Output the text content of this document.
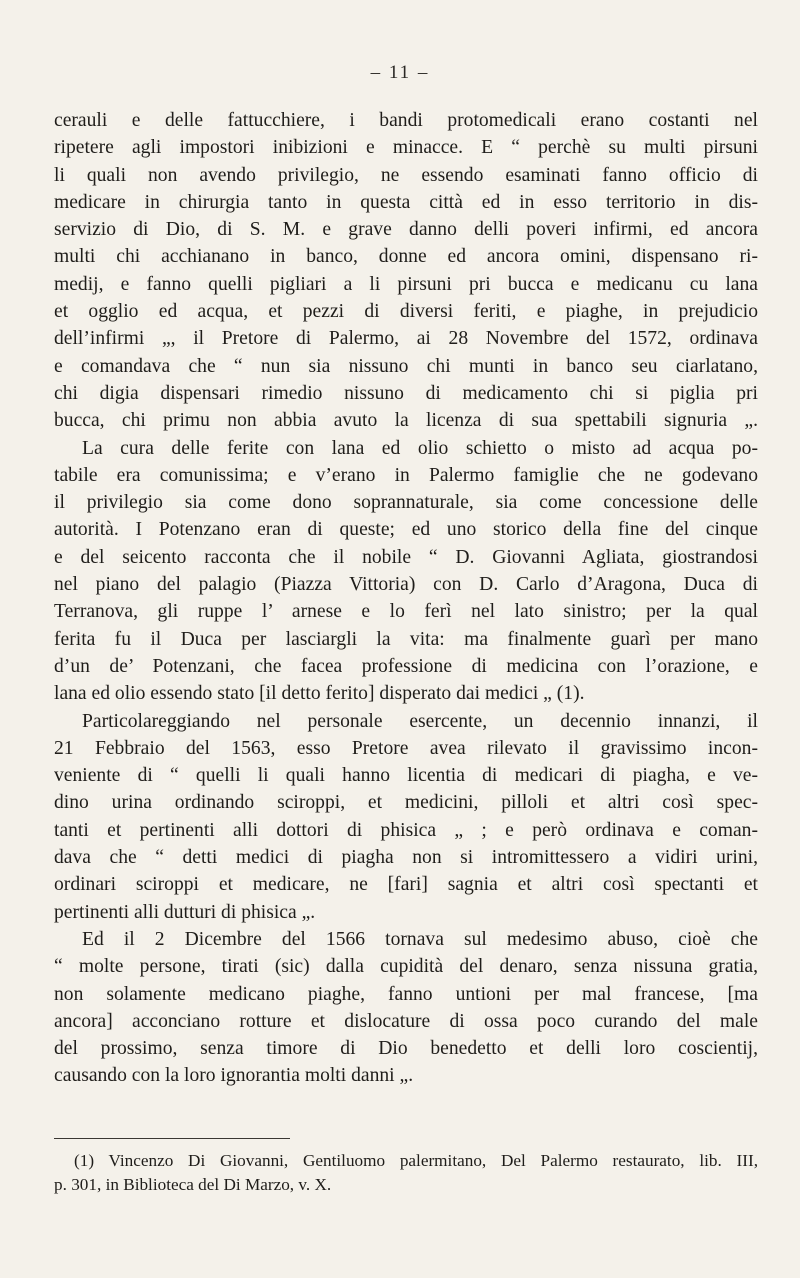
– 11 –
cerauli e delle fattucchiere, i bandi protomedicali erano costanti nel
ripetere agli impostori inibizioni e minacce. E “ perchè su multi pirsuni
li quali non avendo privilegio, ne essendo esaminati fanno officio di
medicare in chirurgia tanto in questa città ed in esso territorio in dis-
servizio di Dio, di S. M. e grave danno delli poveri infirmi, ed ancora
multi chi acchianano in banco, donne ed ancora omini, dispensano ri-
medij, e fanno quelli pigliari a li pirsuni pri bucca e medicanu cu lana
et ogglio ed acqua, et pezzi di diversi feriti, e piaghe, in prejudicio
dell’infirmi „, il Pretore di Palermo, ai 28 Novembre del 1572, ordinava
e comandava che “ nun sia nissuno chi munti in banco seu ciarlatano,
chi digia dispensari rimedio nissuno di medicamento chi si piglia pri
bucca, chi primu non abbia avuto la licenza di sua spettabili signuria „.
La cura delle ferite con lana ed olio schietto o misto ad acqua po-
tabile era comunissima; e v’erano in Palermo famiglie che ne godevano
il privilegio sia come dono soprannaturale, sia come concessione delle
autorità. I Potenzano eran di queste; ed uno storico della fine del cinque
e del seicento racconta che il nobile “ D. Giovanni Agliata, giostrandosi
nel piano del palagio (Piazza Vittoria) con D. Carlo d’Aragona, Duca di
Terranova, gli ruppe l’ arnese e lo ferì nel lato sinistro; per la qual
ferita fu il Duca per lasciargli la vita: ma finalmente guarì per mano
d’un de’ Potenzani, che facea professione di medicina con l’orazione, e
lana ed olio essendo stato [il detto ferito] disperato dai medici „ (1).
Particolareggiando nel personale esercente, un decennio innanzi, il
21 Febbraio del 1563, esso Pretore avea rilevato il gravissimo incon-
veniente di “ quelli li quali hanno licentia di medicari di piagha, e ve-
dino urina ordinando sciroppi, et medicini, pilloli et altri così spec-
tanti et pertinenti alli dottori di phisica „ ; e però ordinava e coman-
dava che “ detti medici di piagha non si intromittessero a vidiri urini,
ordinari sciroppi et medicare, ne [fari] sagnia et altri così spectanti et
pertinenti alli dutturi di phisica „.
Ed il 2 Dicembre del 1566 tornava sul medesimo abuso, cioè che
“ molte persone, tirati (sic) dalla cupidità del denaro, senza nissuna gratia,
non solamente medicano piaghe, fanno untioni per mal francese, [ma
ancora] acconciano rotture et dislocature di ossa poco curando del male
del prossimo, senza timore di Dio benedetto et delli loro coscientij,
causando con la loro ignorantia molti danni „.
(1) Vincenzo Di Giovanni, Gentiluomo palermitano, Del Palermo restaurato, lib. III,
p. 301, in Biblioteca del Di Marzo, v. X.
